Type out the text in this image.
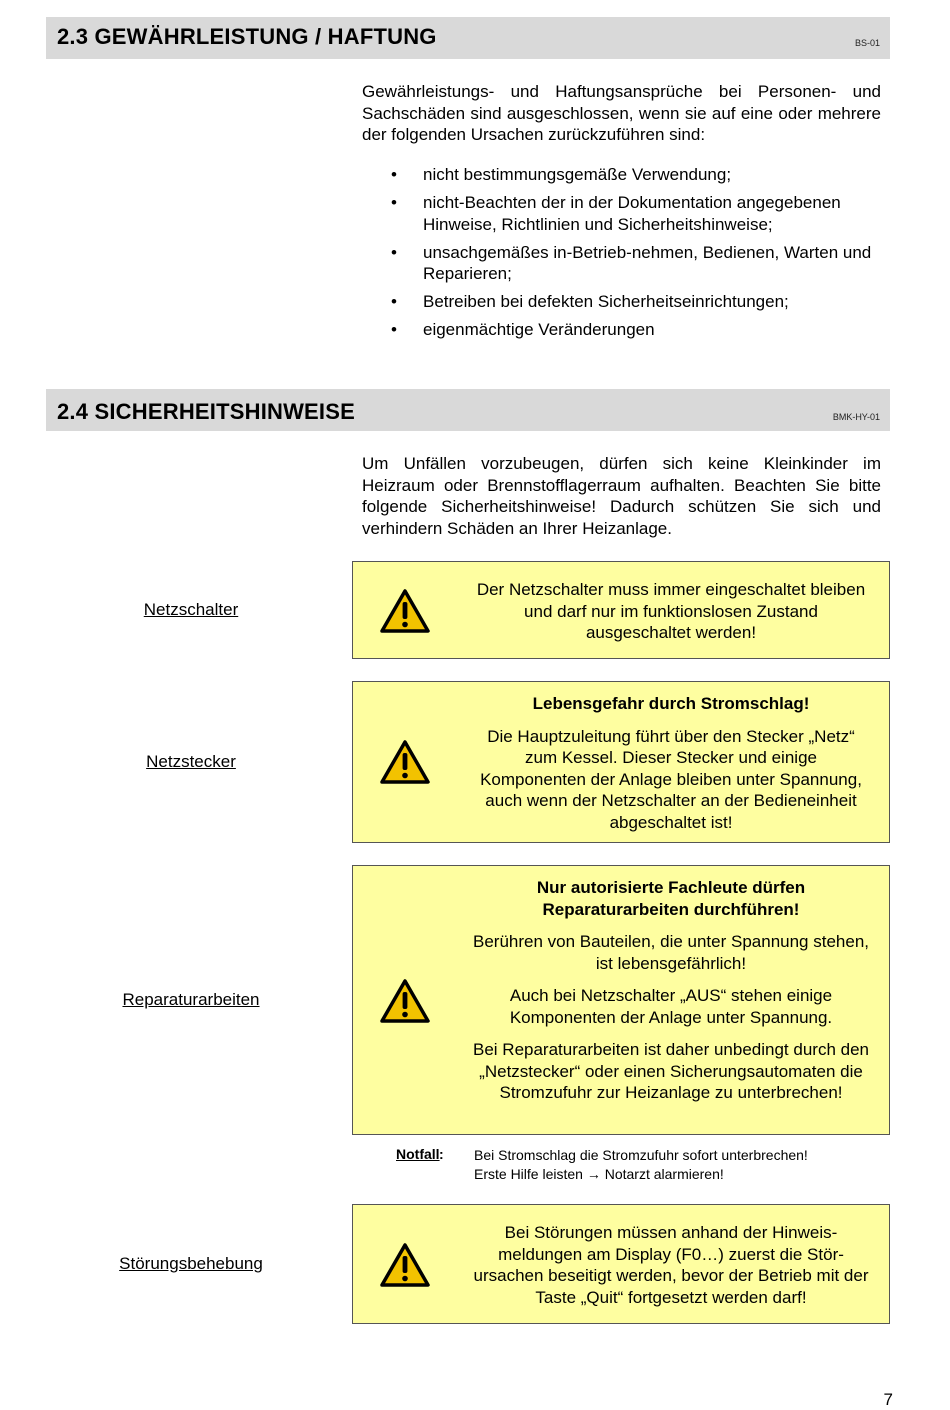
2.3 GEWÄHRLEISTUNG / HAFTUNG	BS-01
Gewährleistungs- und Haftungsansprüche bei Personen- und Sachschäden sind ausgeschlossen, wenn sie auf eine oder mehrere der folgenden Ursachen zurückzuführen sind:
• nicht bestimmungsgemäße Verwendung;
• nicht-Beachten der in der Dokumentation angegebenen Hinweise, Richtlinien und Sicherheitshinweise;
• unsachgemäßes in-Betrieb-nehmen, Bedienen, Warten und Reparieren;
• Betreiben bei defekten Sicherheitseinrichtungen;
• eigenmächtige Veränderungen
2.4 SICHERHEITSHINWEISE	BMK-HY-01
Um Unfällen vorzubeugen, dürfen sich keine Kleinkinder im Heizraum oder Brennstofflagerraum aufhalten. Beachten Sie bitte folgende Sicherheitshinweise! Dadurch schützen Sie sich und verhindern Schäden an Ihrer Heizanlage.
Netzschalter

Der Netzschalter muss immer eingeschaltet bleiben und darf nur im funktionslosen Zustand ausgeschaltet werden!

Netzstecker

Lebensgefahr durch Stromschlag!

Die Hauptzuleitung führt über den Stecker „Netz“ zum Kessel. Dieser Stecker und einige Komponenten der Anlage bleiben unter Spannung, auch wenn der Netzschalter an der Bedieneinheit abgeschaltet ist!

Reparaturarbeiten

Nur autorisierte Fachleute dürfen Reparaturarbeiten durchführen!

Berühren von Bauteilen, die unter Spannung stehen, ist lebensgefährlich!

Auch bei Netzschalter „AUS“ stehen einige Komponenten der Anlage unter Spannung.

Bei Reparaturarbeiten ist daher unbedingt durch den „Netzstecker“ oder einen Sicherungsautomaten die Stromzufuhr zur Heizanlage zu unterbrechen!

Notfall : Bei Stromschlag die Stromzufuhr sofort unterbrechen!
Erste Hilfe leisten → Notarzt alarmieren!
Störungsbehebung

Bei Störungen müssen anhand der Hinweis-meldungen am Display (F0…) zuerst die Stör-ursachen beseitigt werden, bevor der Betrieb mit der Taste „Quit“ fortgesetzt werden darf!

7
